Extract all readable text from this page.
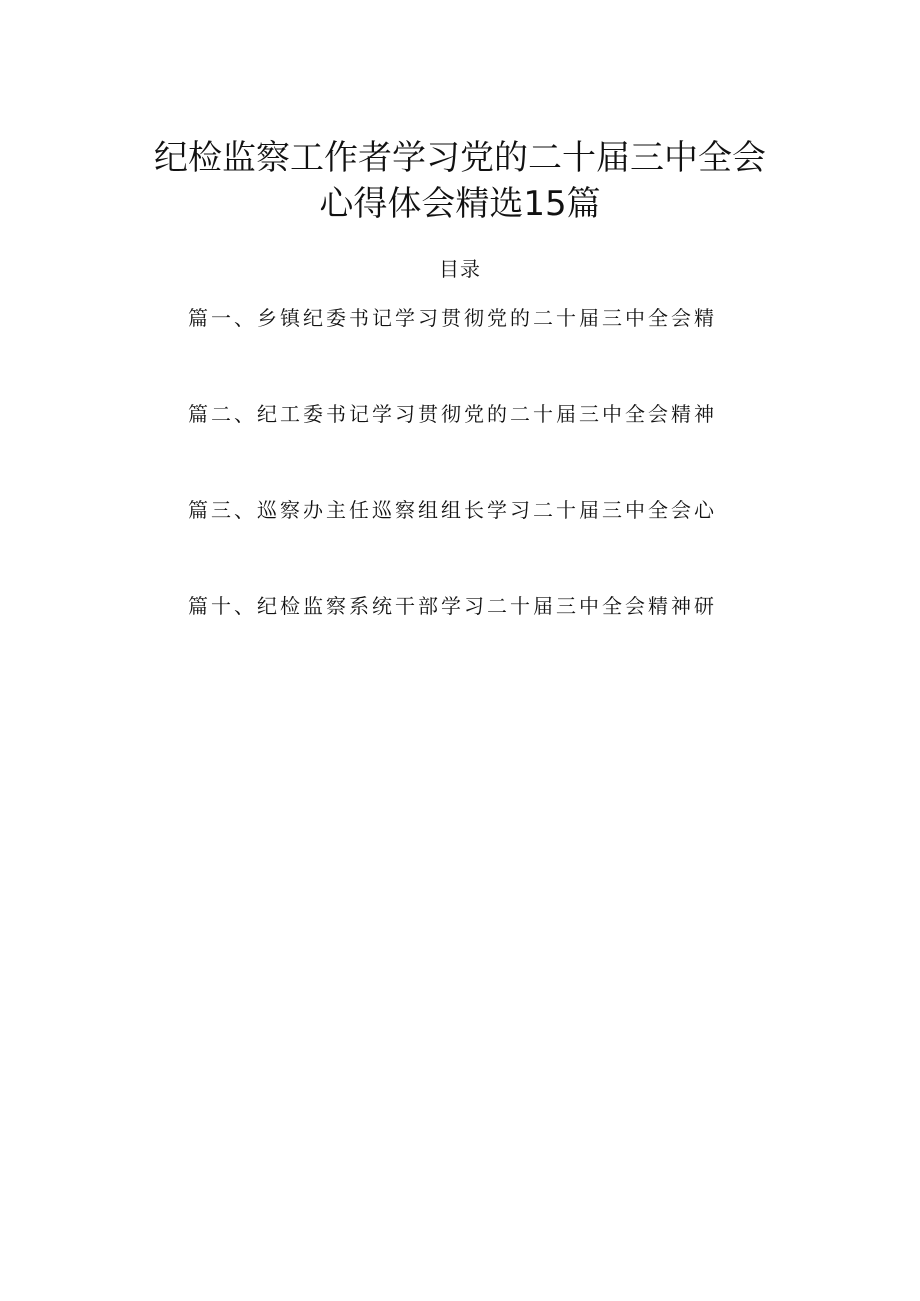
纪检监察工作者学习党的二十届三中全会
心得体会精选15篇
目录
篇一、乡镇纪委书记学习贯彻党的二十届三中全会精
篇二、纪工委书记学习贯彻党的二十届三中全会精神
篇三、巡察办主任巡察组组长学习二十届三中全会心
篇十、纪检监察系统干部学习二十届三中全会精神研
